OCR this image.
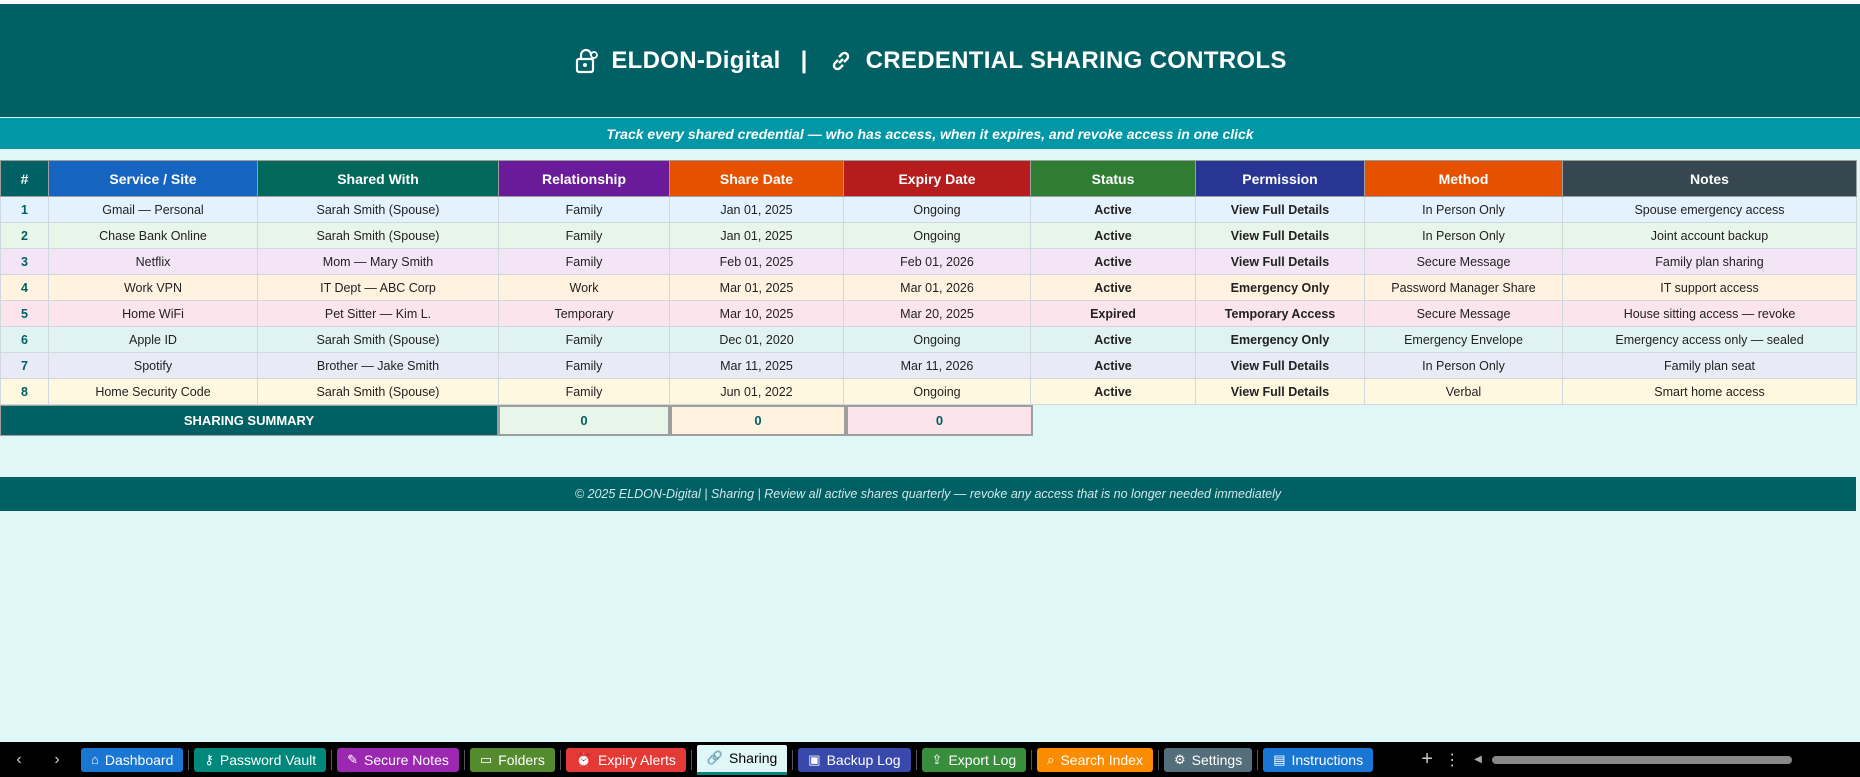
ELDON-Digital | CREDENTIAL SHARING CONTROLS
Track every shared credential — who has access, when it expires, and revoke access in one click
#	Service / Site	Shared With	Relationship	Share Date	Expiry Date	Status	Permission	Method	Notes
1	Gmail — Personal	Sarah Smith (Spouse)	Family	Jan 01, 2025	Ongoing	Active	View Full Details	In Person Only	Spouse emergency access
2	Chase Bank Online	Sarah Smith (Spouse)	Family	Jan 01, 2025	Ongoing	Active	View Full Details	In Person Only	Joint account backup
3	Netflix	Mom — Mary Smith	Family	Feb 01, 2025	Feb 01, 2026	Active	View Full Details	Secure Message	Family plan sharing
4	Work VPN	IT Dept — ABC Corp	Work	Mar 01, 2025	Mar 01, 2026	Active	Emergency Only	Password Manager Share	IT support access
5	Home WiFi	Pet Sitter — Kim L.	Temporary	Mar 10, 2025	Mar 20, 2025	Expired	Temporary Access	Secure Message	House sitting access — revoke
6	Apple ID	Sarah Smith (Spouse)	Family	Dec 01, 2020	Ongoing	Active	Emergency Only	Emergency Envelope	Emergency access only — sealed
7	Spotify	Brother — Jake Smith	Family	Mar 11, 2025	Mar 11, 2026	Active	View Full Details	In Person Only	Family plan seat
8	Home Security Code	Sarah Smith (Spouse)	Family	Jun 01, 2022	Ongoing	Active	View Full Details	Verbal	Smart home access
SHARING SUMMARY	0	0	0
© 2025 ELDON-Digital | Sharing | Review all active shares quarterly — revoke any access that is no longer needed immediately
‹	›	⌂ Dashboard ⚷ Password Vault ✎ Secure Notes ▭ Folders ⏰ Expiry Alerts 🔗 Sharing ▣ Backup Log ⇪ Export Log ⌕ Search Index ⚙ Settings ▤ Instructions	+ ⋮ ◀
